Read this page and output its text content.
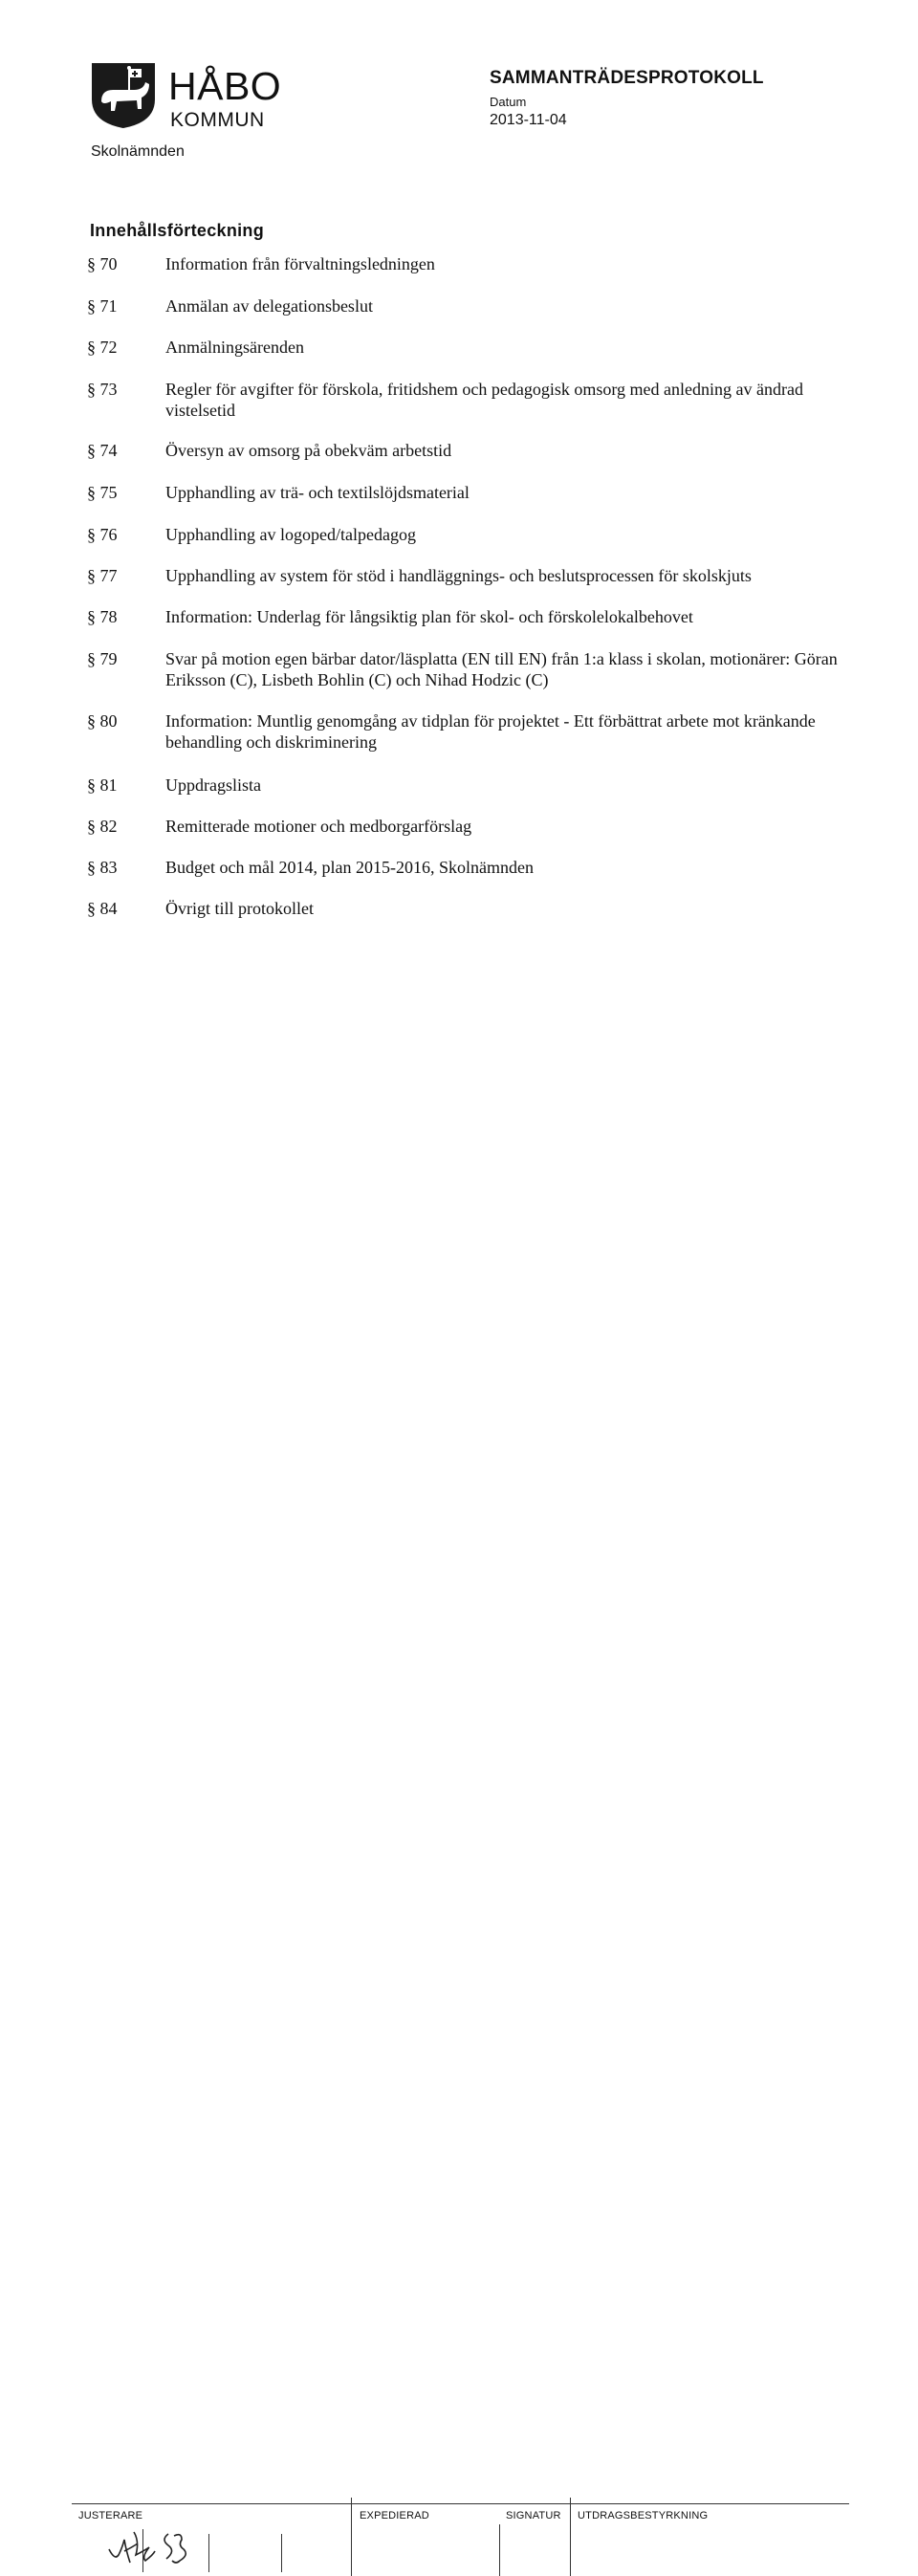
HÅBO
KOMMUN
Skolnämnden
SAMMANTRÄDESPROTOKOLL
Datum
2013-11-04
Innehållsförteckning
§ 70	Information från förvaltningsledningen
§ 71	Anmälan av delegationsbeslut
§ 72	Anmälningsärenden
§ 73	Regler för avgifter för förskola, fritidshem och pedagogisk omsorg med anledning av ändrad vistelsetid
§ 74	Översyn av omsorg på obekväm arbetstid
§ 75	Upphandling av trä- och textilslöjdsmaterial
§ 76	Upphandling av logoped/talpedagog
§ 77	Upphandling av system för stöd i handläggnings- och beslutsprocessen för skolskjuts
§ 78	Information: Underlag för långsiktig plan för skol- och förskolelokalbehovet
§ 79	Svar på motion egen bärbar dator/läsplatta (EN till EN) från 1:a klass i skolan, motionärer: Göran Eriksson (C), Lisbeth Bohlin (C) och Nihad Hodzic (C)
§ 80	Information: Muntlig genomgång av tidplan för projektet - Ett förbättrat arbete mot kränkande behandling och diskriminering
§ 81	Uppdragslista
§ 82	Remitterade motioner och medborgarförslag
§ 83	Budget och mål 2014, plan 2015-2016, Skolnämnden
§ 84	Övrigt till protokollet
JUSTERARE	EXPEDIERAD	SIGNATUR UTDRAGSBESTYRKNING
